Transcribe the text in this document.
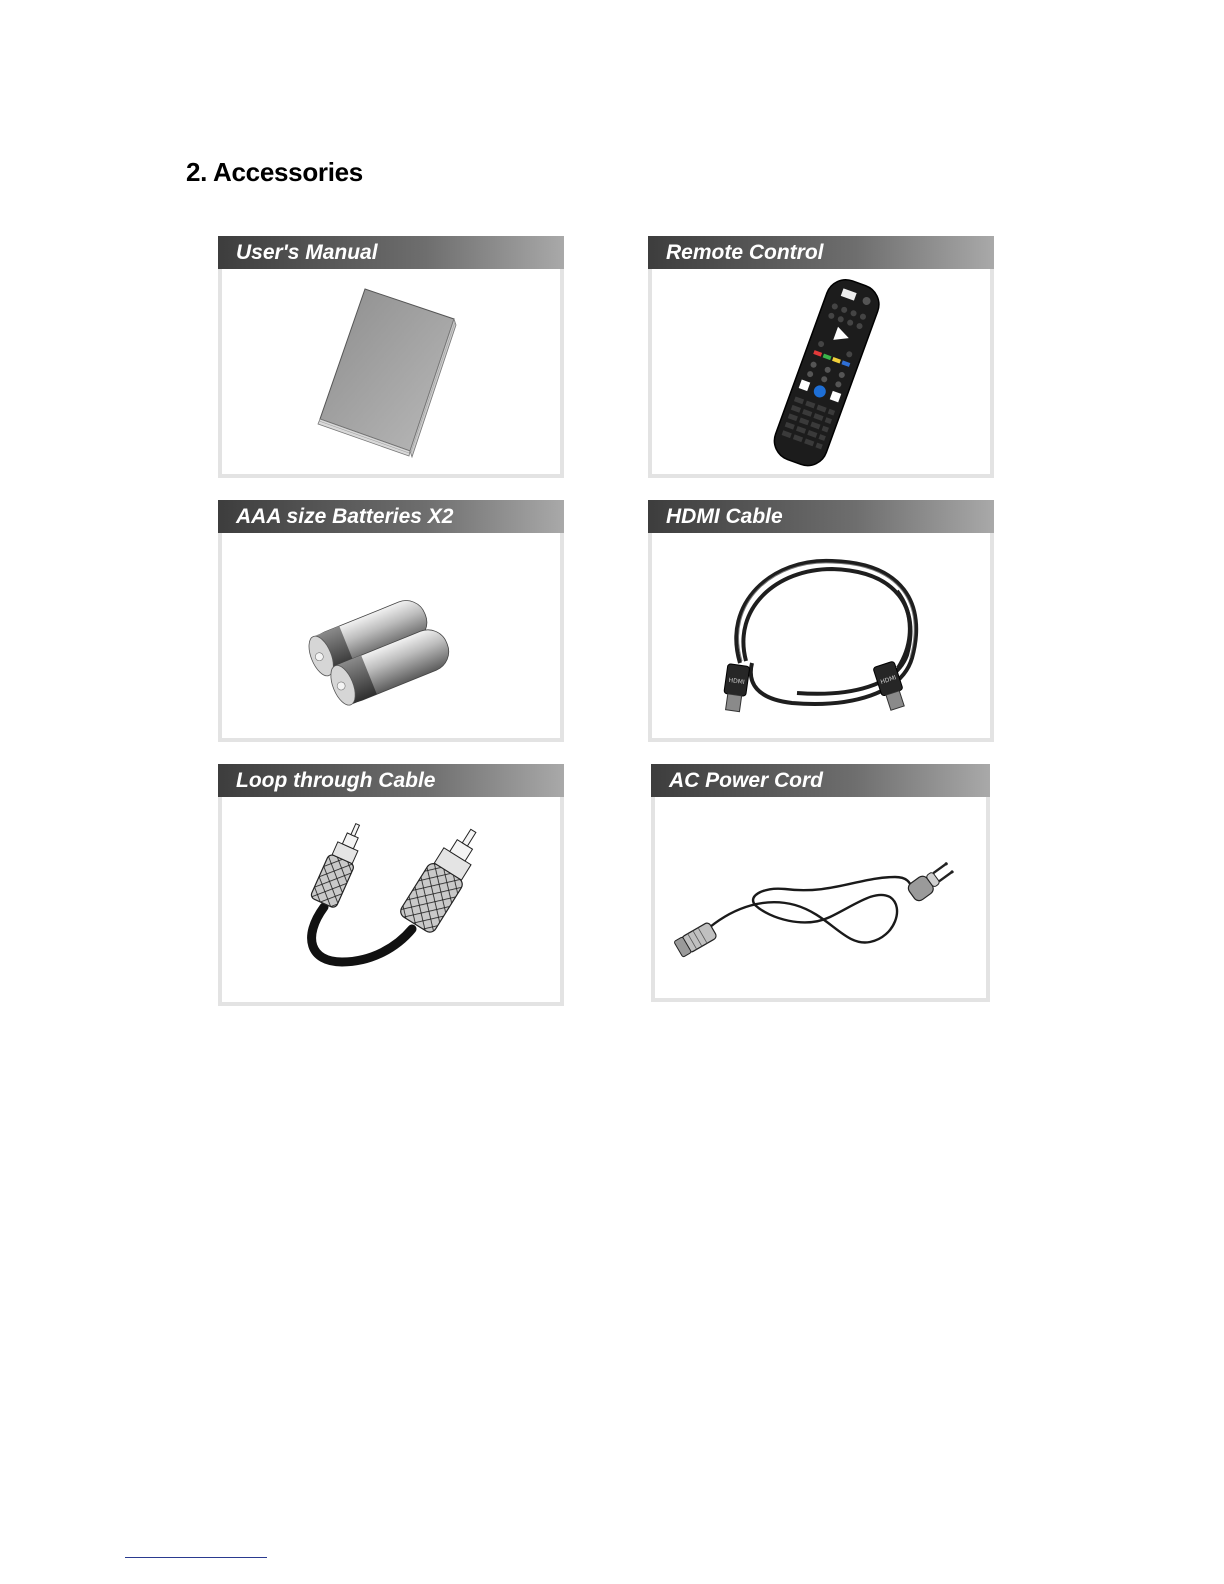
2. Accessories
User's Manual	Remote Control
AAA size Batteries X2	HDMI Cable
HDMI	HDMI
Loop through Cable	AC Power Cord
